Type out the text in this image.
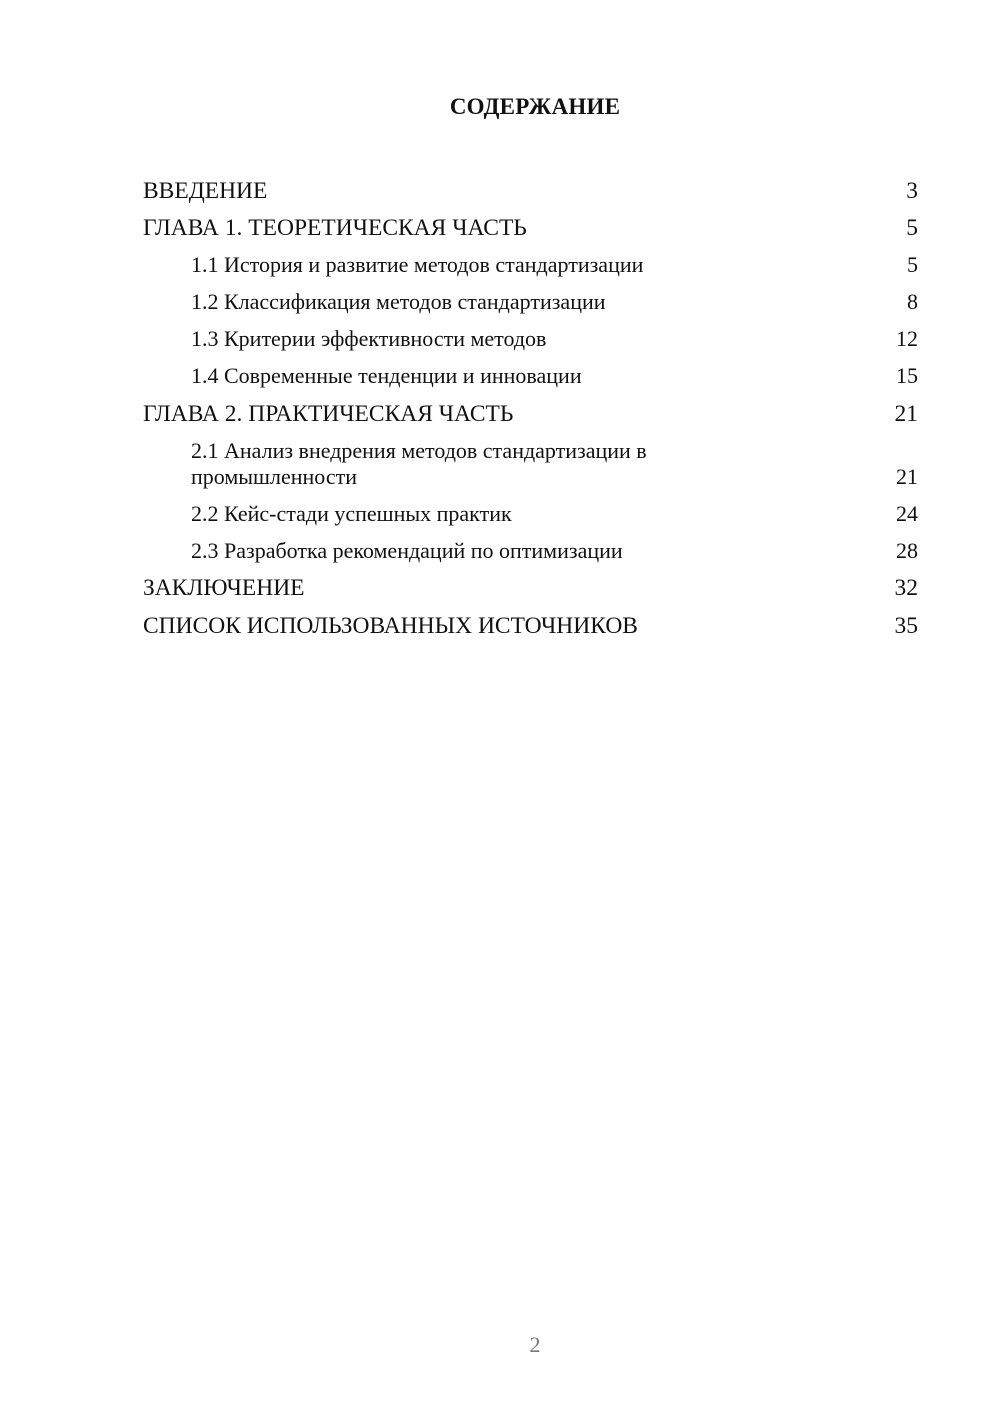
СОДЕРЖАНИЕ
ВВЕДЕНИЕ	3
ГЛАВА 1. ТЕОРЕТИЧЕСКАЯ ЧАСТЬ	5
1.1 История и развитие методов стандартизации	5
1.2 Классификация методов стандартизации	8
1.3 Критерии эффективности методов	12
1.4 Современные тенденции и инновации	15
ГЛАВА 2. ПРАКТИЧЕСКАЯ ЧАСТЬ	21
2.1 Анализ внедрения методов стандартизации в промышленности	21
2.2 Кейс-стади успешных практик	24
2.3 Разработка рекомендаций по оптимизации	28
ЗАКЛЮЧЕНИЕ	32
СПИСОК ИСПОЛЬЗОВАННЫХ ИСТОЧНИКОВ	35
2
